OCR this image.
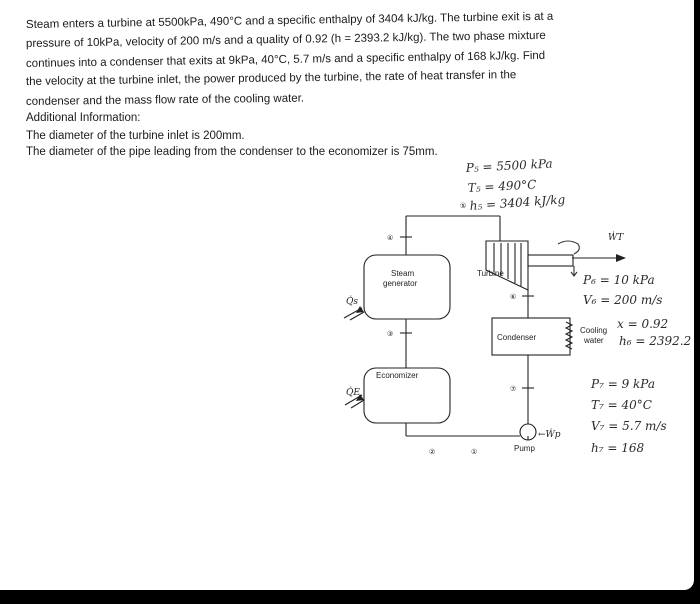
Steam enters a turbine at 5500kPa, 490°C and a specific enthalpy of 3404 kJ/kg. The turbine exit is at a
pressure of 10kPa, velocity of 200 m/s and a quality of 0.92 (h = 2393.2 kJ/kg). The two phase mixture
continues into a condenser that exits at 9kPa, 40°C, 5.7 m/s and a specific enthalpy of 168 kJ/kg. Find
the velocity at the turbine inlet, the power produced by the turbine, the rate of heat transfer in the
condenser and the mass flow rate of the cooling water.
Additional Information:
The diameter of the turbine inlet is 200mm.
The diameter of the pipe leading from the condenser to the economizer is 75mm.
Steam
generator
Economizer
Turbine
Condenser
Cooling
water
Pump
Q̇s
Q̇E
ẆT
←Ẇp
⑤
④
⑥
③
⑦
②	①
P₅ = 5500 kPa
T₅ = 490°C
h₅ = 3404 kJ/kg
P₆ = 10 kPa
V₆ = 200 m/s
x = 0.92
h₆ = 2392.2
P₇ = 9 kPa
T₇ = 40°C
V₇ = 5.7 m/s
h₇ = 168
